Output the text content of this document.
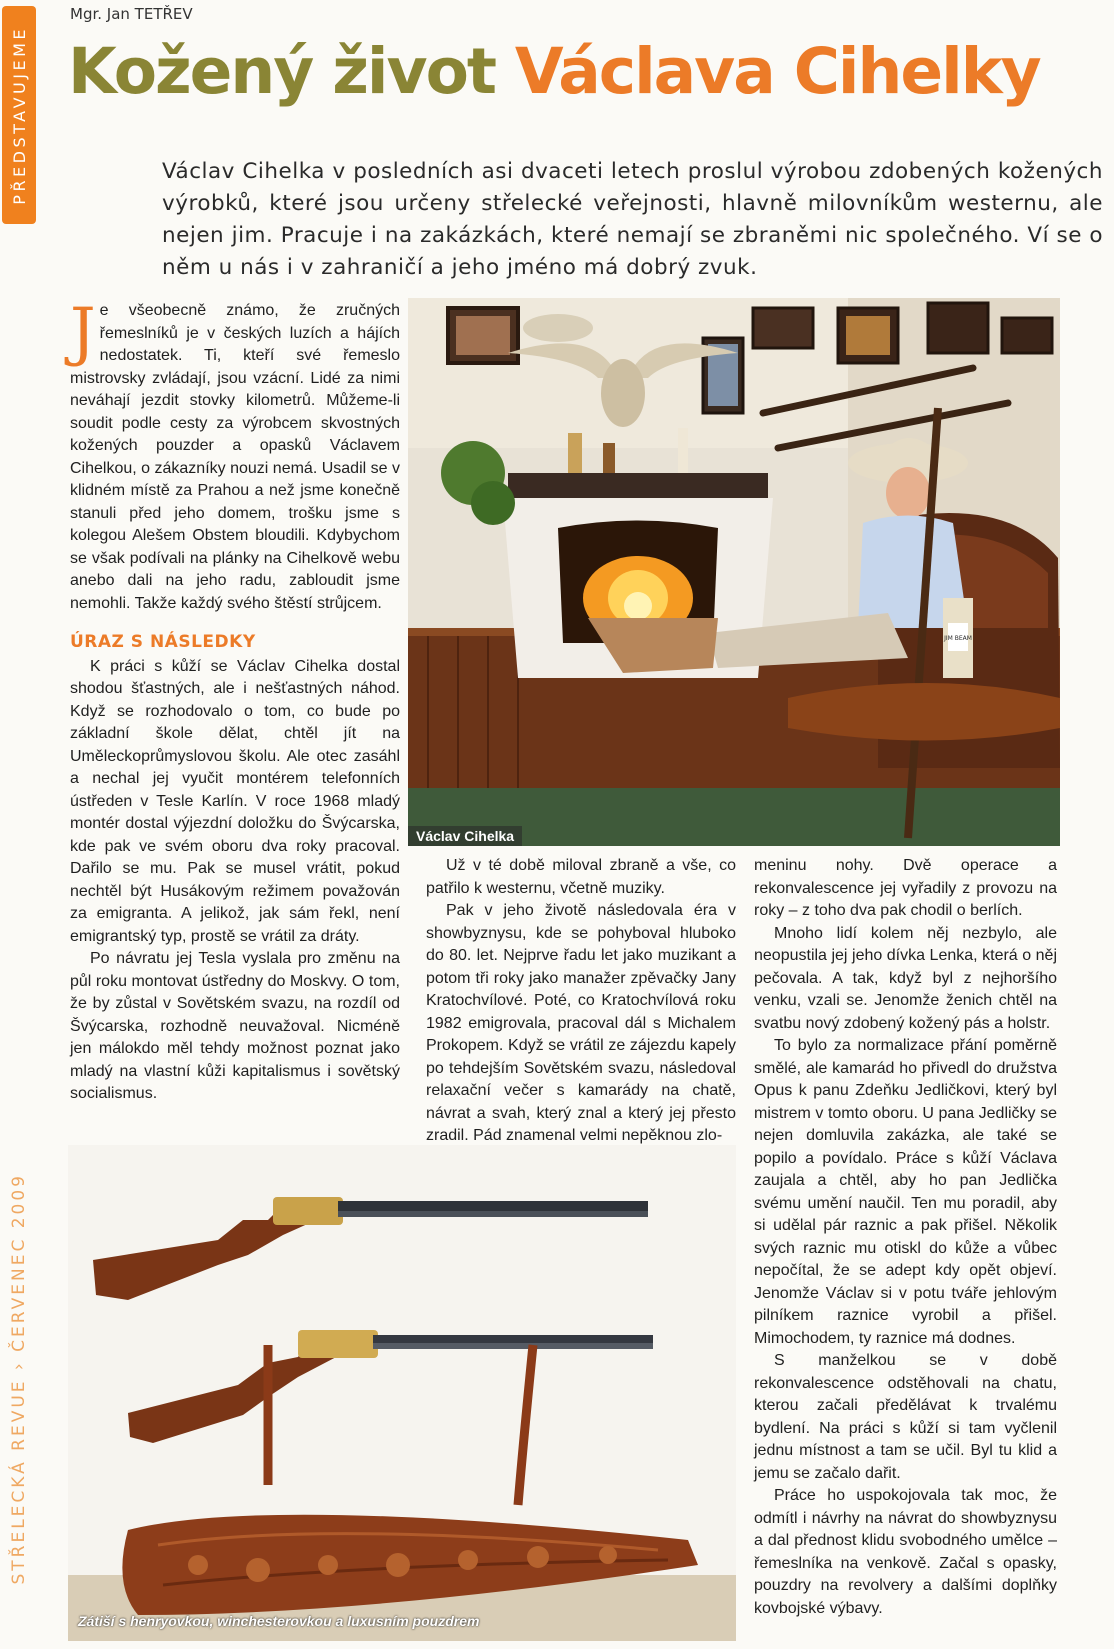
PŘEDSTAVUJEME
STŘELECKÁ REVUE › ČERVENEC 2009
Mgr. Jan TETŘEV
Kožený život Václava Cihelky
Václav Cihelka v posledních asi dvaceti letech proslul výrobou zdobených kožených výrobků, které jsou určeny střelecké veřejnosti, hlavně milovníkům westernu, ale nejen jim. Pracuje i na zakázkách, které nemají se zbraněmi nic společného. Ví se o něm u nás i v zahraničí a jeho jméno má dobrý zvuk.

J e všeobecně známo, že zručných řemeslníků je v českých luzích a hájích nedostatek. Ti, kteří své řemeslo mistrovsky zvládají, jsou vzácní. Lidé za nimi neváhají jezdit stovky kilometrů. Můžeme-li soudit podle cesty za výrobcem skvostných kožených pouzder a opasků Václavem Cihelkou, o zákazníky nouzi nemá. Usadil se v klidném místě za Prahou a než jsme konečně stanuli před jeho domem, trošku jsme s kolegou Alešem Obstem bloudili. Kdybychom se však podívali na plánky na Cihelkově webu anebo dali na jeho radu, zabloudit jsme nemohli. Takže každý svého štěstí strůjcem.

ÚRAZ S NÁSLEDKY

K práci s kůží se Václav Cihelka dostal shodou šťastných, ale i nešťastných náhod. Když se rozhodovalo o tom, co bude po základní škole dělat, chtěl jít na Uměleckoprůmyslovou školu. Ale otec zasáhl a nechal jej vyučit montérem telefonních ústředen v Tesle Karlín. V roce 1968 mladý montér dostal výjezdní doložku do Švýcarska, kde pak ve svém oboru dva roky pracoval. Dařilo se mu. Pak se musel vrátit, pokud nechtěl být Husákovým režimem považován za emigranta. A jelikož, jak sám řekl, není emigrantský typ, prostě se vrátil za dráty.

Po návratu jej Tesla vyslala pro změnu na půl roku montovat ústředny do Moskvy. O tom, že by zůstal v Sovětském svazu, na rozdíl od Švýcarska, rozhodně neuvažoval. Nicméně jen málokdo měl tehdy možnost poznat jako mladý na vlastní kůži kapitalismus i sovětský socialismus.

JIM BEAM
Václav Cihelka

Už v té době miloval zbraně a vše, co patřilo k westernu, včetně muziky.

Pak v jeho životě následovala éra v showbyznysu, kde se pohyboval hluboko do 80. let. Nejprve řadu let jako muzikant a potom tři roky jako manažer zpěvačky Jany Kratochvílové. Poté, co Kratochvílová roku 1982 emigrovala, pracoval dál s Michalem Prokopem. Když se vrátil ze zájezdu kapely po tehdejším Sovětském svazu, následoval relaxační večer s kamarády na chatě, návrat a svah, který znal a který jej přesto zradil. Pád znamenal velmi nepěknou zlo-

meninu nohy. Dvě operace a rekonvalescence jej vyřadily z provozu na roky – z toho dva pak chodil o berlích.

Mnoho lidí kolem něj nezbylo, ale neopustila jej jeho dívka Lenka, která o něj pečovala. A tak, když byl z nejhoršího venku, vzali se. Jenomže ženich chtěl na svatbu nový zdobený kožený pás a holstr.

To bylo za normalizace přání poměrně smělé, ale kamarád ho přivedl do družstva Opus k panu Zdeňku Jedličkovi, který byl mistrem v tomto oboru. U pana Jedličky se nejen domluvila zakázka, ale také se popilo a povídalo. Práce s kůží Václava zaujala a chtěl, aby ho pan Jedlička svému umění naučil. Ten mu poradil, aby si udělal pár raznic a pak přišel. Několik svých raznic mu otiskl do kůže a vůbec nepočítal, že se adept kdy opět objeví. Jenomže Václav si v potu tváře jehlovým pilníkem raznice vyrobil a přišel. Mimochodem, ty raznice má dodnes.

S manželkou se v době rekonvalescence odstěhovali na chatu, kterou začali předělávat k trvalému bydlení. Na práci s kůží si tam vyčlenil jednu místnost a tam se učil. Byl tu klid a jemu se začalo dařit.

Práce ho uspokojovala tak moc, že odmítl i návrhy na návrat do showbyznysu a dal přednost klidu svobodného umělce – řemeslníka na venkově. Začal s opasky, pouzdry na revolvery a dalšími doplňky kovbojské výbavy.

Zátiší s henryovkou, winchesterovkou a luxusním pouzdrem
